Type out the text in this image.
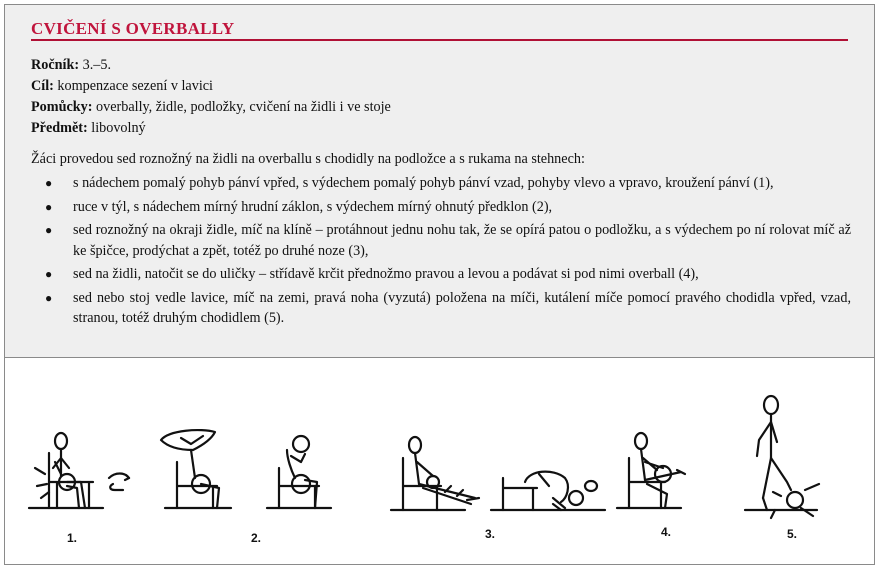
CVIČENÍ S OVERBALLY
Ročník: 3.–5.
Cíl: kompenzace sezení v lavici
Pomůcky: overbally, židle, podložky, cvičení na židli i ve stoje
Předmět: libovolný
Žáci provedou sed roznožný na židli na overballu s chodidly na podložce a s rukama na stehnech:
● s nádechem pomalý pohyb pánví vpřed, s výdechem pomalý pohyb pánví vzad, pohyby vlevo a vpravo, kroužení pánví (1),
● ruce v týl, s nádechem mírný hrudní záklon, s výdechem mírný ohnutý předklon (2),
● sed roznožný na okraji židle, míč na klíně – protáhnout jednu nohu tak, že se opírá patou o podložku, a s výdechem po ní rolovat míč až ke špičce, prodýchat a zpět, totéž po druhé noze (3),
● sed na židli, natočit se do uličky – střídavě krčit přednožmo pravou a levou a podávat si pod nimi overball (4),
● sed nebo stoj vedle lavice, míč na zemi, pravá noha (vyzutá) položena na míči, kutálení míče pomocí pravého chodidla vpřed, vzad, stranou, totéž druhým chodidlem (5).
1.	2.	3.	4.	5.
